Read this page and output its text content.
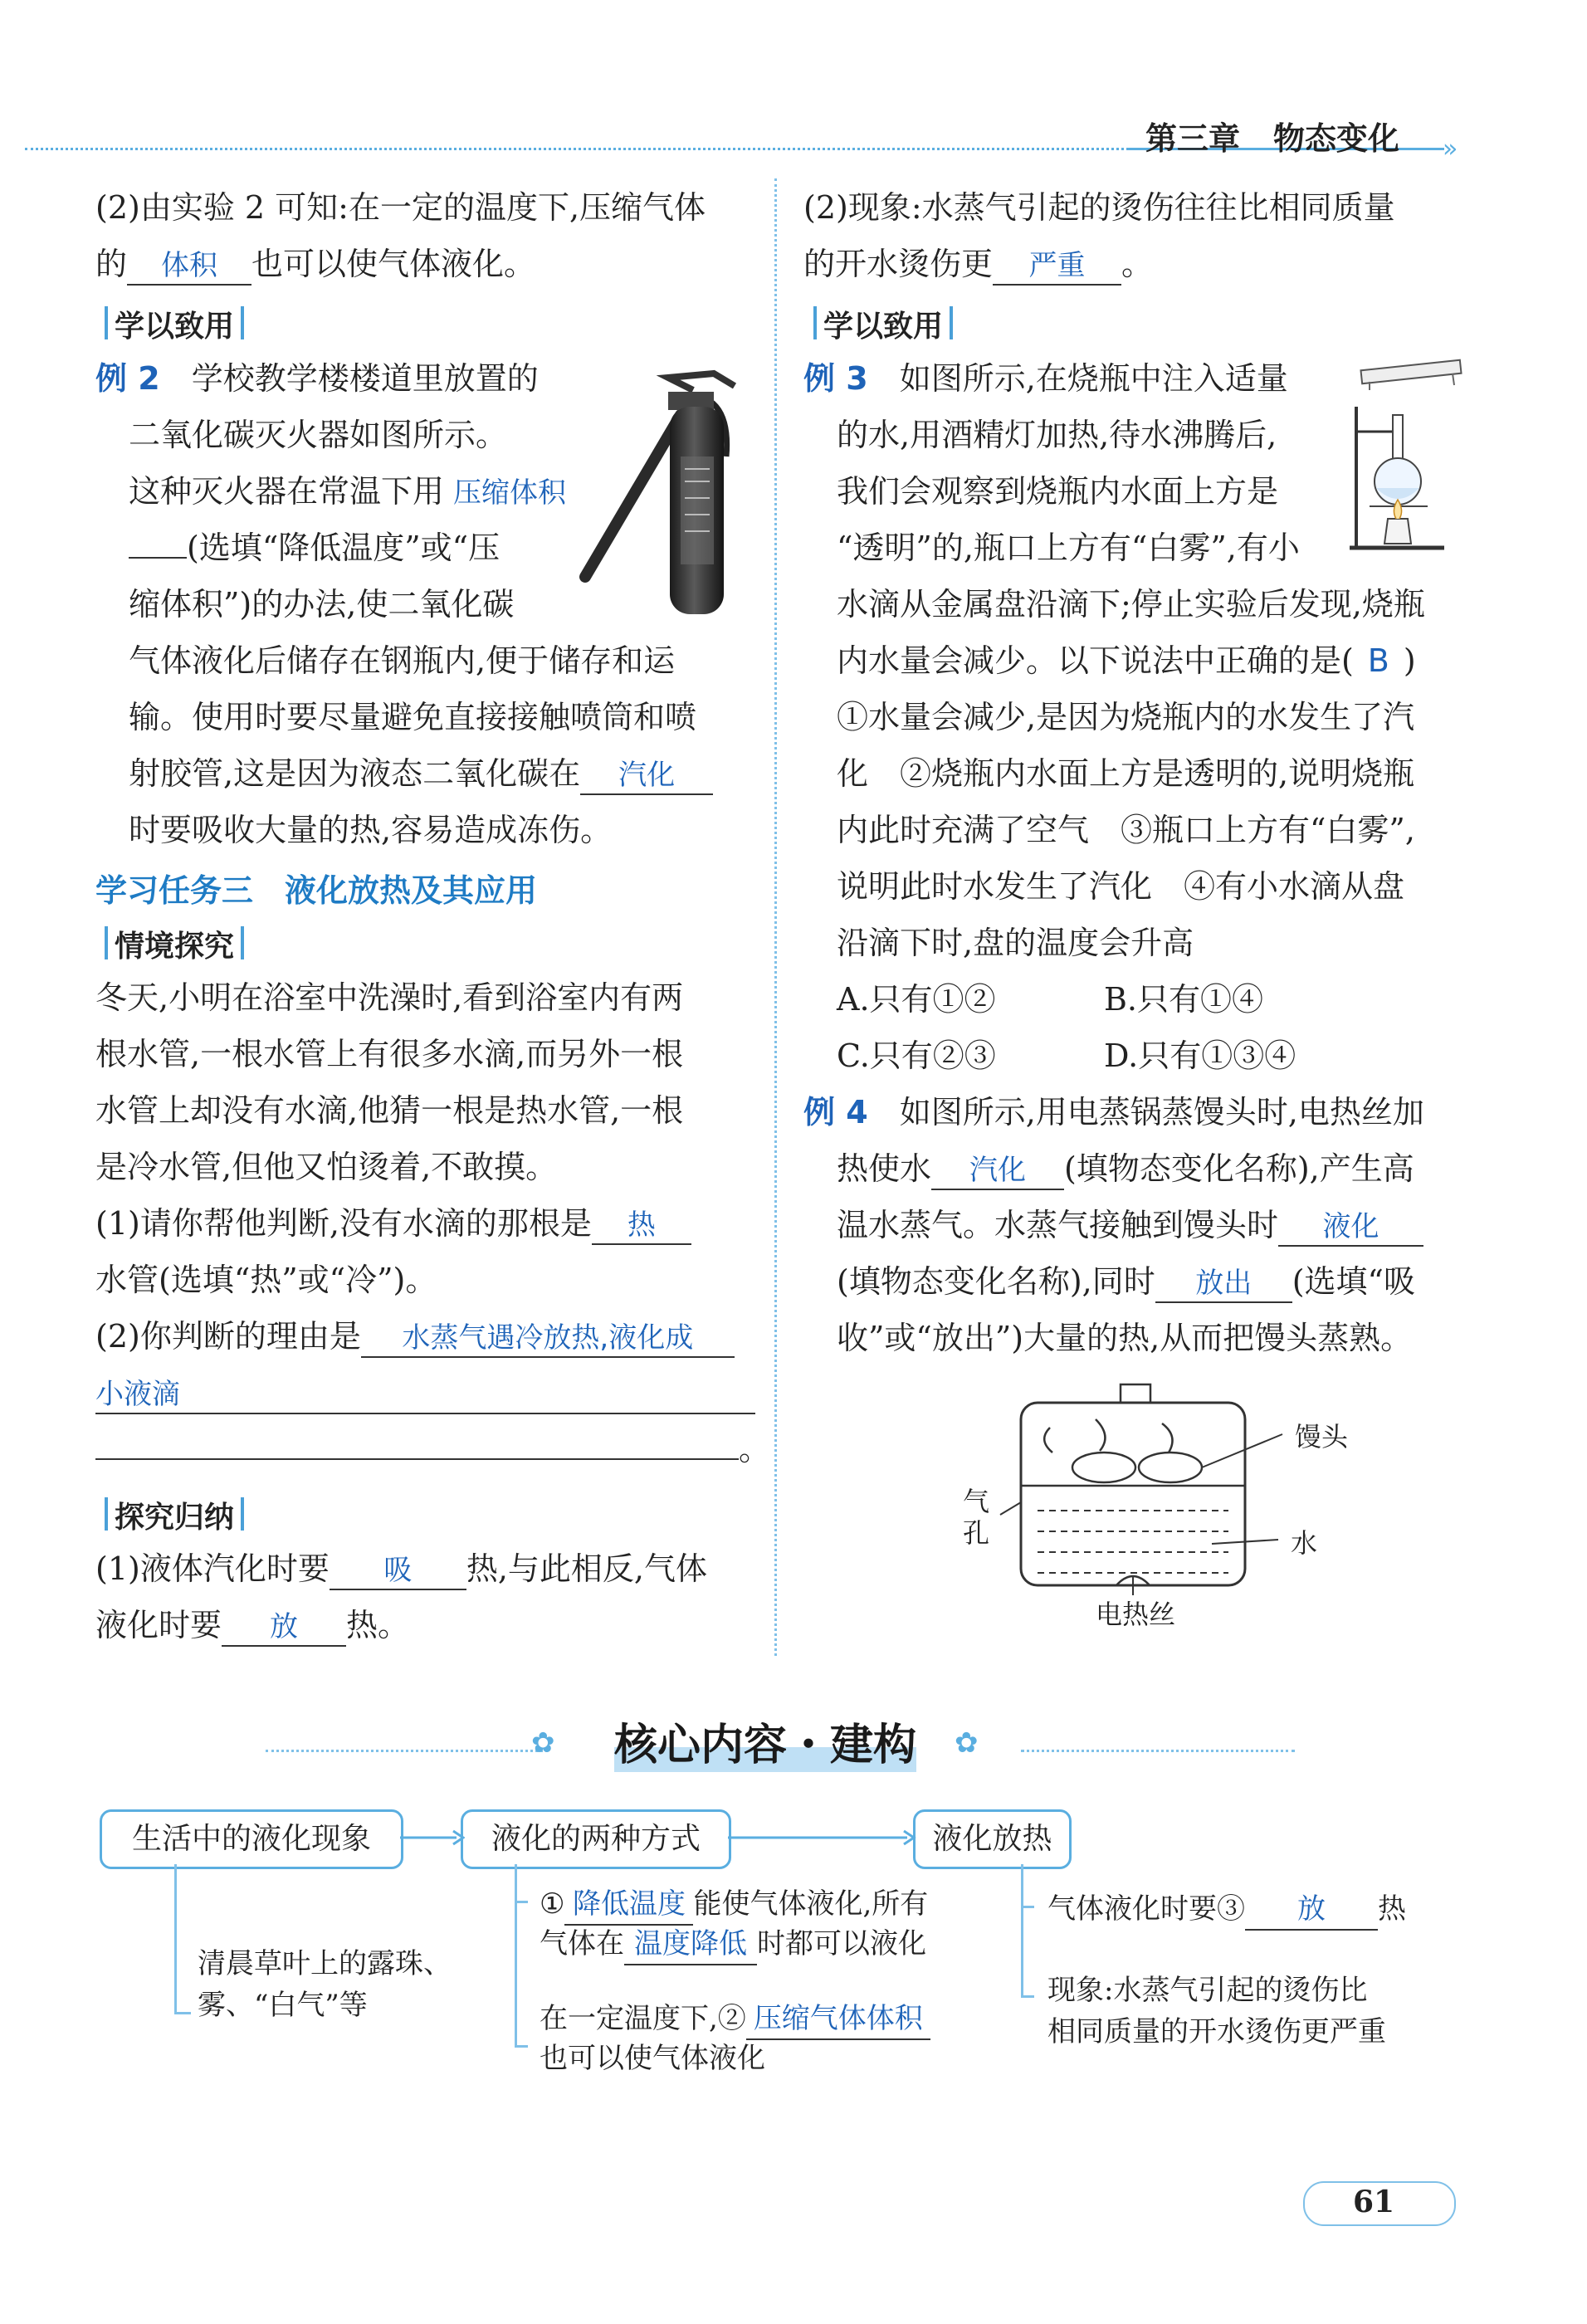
»
第三章 物态变化
(2)由实验 2 可知:在一定的温度下,压缩气体
的 体积 也可以使气体液化。
学以致用
例 2　 学校教学楼楼道里放置的
二氧化碳灭火器如图所示。
这种灭火器在常温下用 压缩体积
(选填“降低温度”或“压
缩体积”)的办法,使二氧化碳
气体液化后储存在钢瓶内,便于储存和运
输。使用时要尽量避免直接接触喷筒和喷
射胶管,这是因为液态二氧化碳在 汽化
时要吸收大量的热,容易造成冻伤。
学习任务三　液化放热及其应用
情境探究
冬天,小明在浴室中洗澡时,看到浴室内有两
根水管,一根水管上有很多水滴,而另外一根
水管上却没有水滴,他猜一根是热水管,一根
是冷水管,但他又怕烫着,不敢摸。
(1)请你帮他判断,没有水滴的那根是 热
水管(选填“热”或“冷”)。
(2)你判断的理由是 水蒸气遇冷放热,液化成
小液滴
。
探究归纳
(1)液体汽化时要 吸 热,与此相反,气体
液化时要 放 热。
(2)现象:水蒸气引起的烫伤往往比相同质量
的开水烫伤更 严重 。
学以致用
例 3　 如图所示,在烧瓶中注入适量
的水,用酒精灯加热,待水沸腾后,
我们会观察到烧瓶内水面上方是
“透明”的,瓶口上方有“白雾”,有小
水滴从金属盘沿滴下;停止实验后发现,烧瓶
内水量会减少。以下说法中正确的是( B )
①水量会减少,是因为烧瓶内的水发生了汽
化　②烧瓶内水面上方是透明的,说明烧瓶
内此时充满了空气　③瓶口上方有“白雾”,
说明此时水发生了汽化　④有小水滴从盘
沿滴下时,盘的温度会升高
A.只有①②	B.只有①④
C.只有②③	D.只有①③④
例 4　 如图所示,用电蒸锅蒸馒头时,电热丝加
热使水 汽化 (填物态变化名称),产生高
温水蒸气。水蒸气接触到馒头时 液化
(填物态变化名称),同时 放出 (选填“吸
收”或“放出”)大量的热,从而把馒头蒸熟。
馒头
气
孔	水
电热丝
✿	✿
核心内容・建构
生活中的液化现象	液化的两种方式	液化放热
清晨草叶上的露珠、
雾、“白气”等
① 降低温度 能使气体液化,所有
气体在 温度降低 时都可以液化
在一定温度下,② 压缩气体体积
也可以使气体液化
气体液化时要③ 放 热
现象:水蒸气引起的烫伤比
相同质量的开水烫伤更严重
61
